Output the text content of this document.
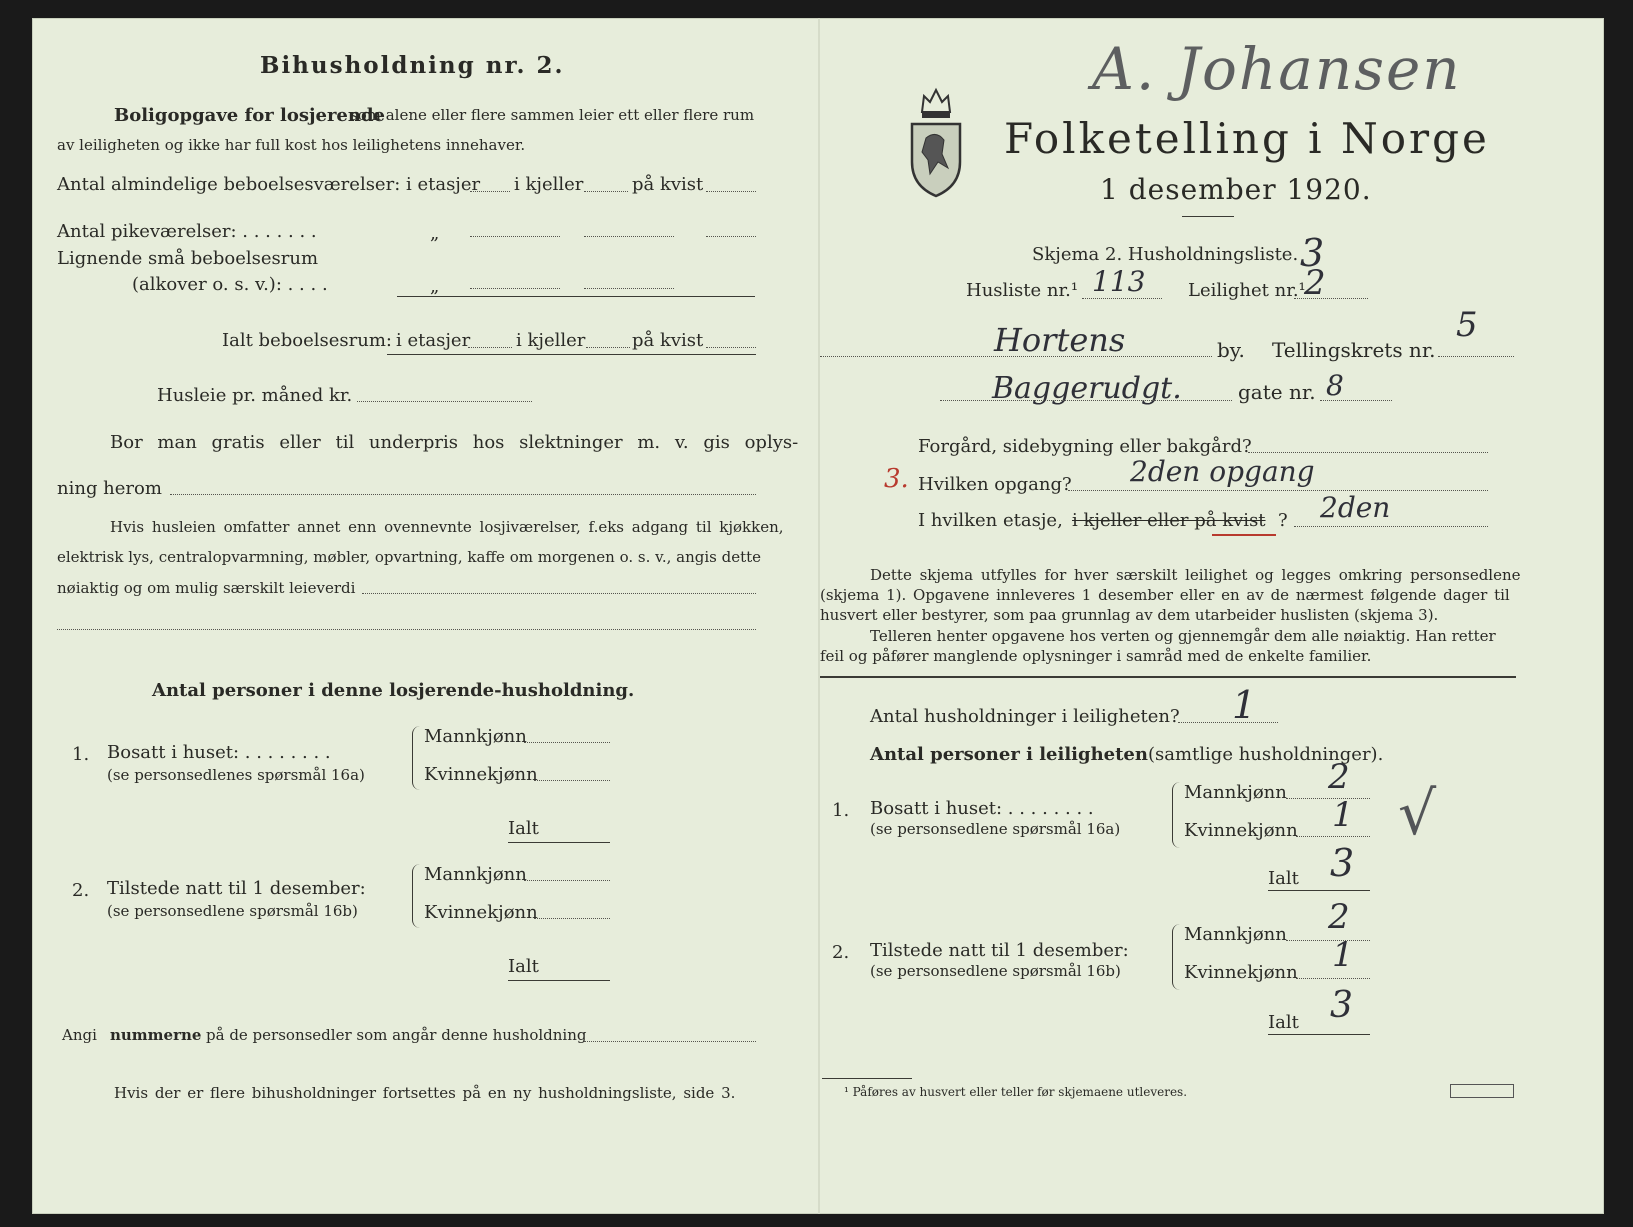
Bihusholdning nr. 2.
Boligopgave for losjerende
som alene eller flere sammen leier ett eller flere rum
av leiligheten og ikke har full kost hos leilighetens innehaver.
Antal almindelige beboelsesværelser: i etasjer i kjeller	på kvist
Antal pikeværelser: . . . . . . .	„
Lignende små beboelsesrum
(alkover o. s. v.): . . . .	„
Ialt beboelsesrum: i etasjer	i kjeller	på kvist
Husleie pr. måned kr.
Bor man gratis eller til underpris hos slektninger m. v. gis oplys-
ning herom
Hvis husleien omfatter annet enn ovennevnte losjiværelser, f.eks adgang til kjøkken,
elektrisk lys, centralopvarmning, møbler, opvartning, kaffe om morgenen o. s. v., angis dette
nøiaktig og om mulig særskilt leieverdi
Antal personer i denne losjerende-husholdning.
1. Bosatt i huset: . . . . . . . .
(se personsedlenes spørsmål 16a)
Mannkjønn
Kvinnekjønn
Ialt
2. Tilstede natt til 1 desember:
(se personsedlene spørsmål 16b)
Mannkjønn
Kvinnekjønn
Ialt
Angi nummerne på de personsedler som angår denne husholdning
Hvis der er flere bihusholdninger fortsettes på en ny husholdningsliste, side 3.
A. Johansen
Folketelling i Norge
1 desember 1920.
Skjema 2. Husholdningsliste. 3
Husliste nr.¹ 113 Leilighet nr.¹
2
Hortens	by. Tellingskrets nr.
5
Baggerudgt.	gate nr. 8
Forgård, sidebygning eller bakgård?
3. Hvilken opgang? 2den opgang
I hvilken etasje, i kjeller eller på kvist ? 2den
Dette skjema utfylles for hver særskilt leilighet og legges omkring personsedlene
(skjema 1). Opgavene innleveres 1 desember eller en av de nærmest følgende dager til
husvert eller bestyrer, som paa grunnlag av dem utarbeider huslisten (skjema 3).
Telleren henter opgavene hos verten og gjennemgår dem alle nøiaktig. Han retter
feil og påfører manglende oplysninger i samråd med de enkelte familier.
Antal husholdninger i leiligheten? 1
Antal personer i leiligheten (samtlige husholdninger).
1. Bosatt i huset: . . . . . . . .
(se personsedlene spørsmål 16a)
Mannkjønn 2
Kvinnekjønn 1
Ialt 3
√
2. Tilstede natt til 1 desember:
(se personsedlene spørsmål 16b)
Mannkjønn 2
Kvinnekjønn 1
Ialt 3
¹ Påføres av husvert eller teller før skjemaene utleveres.
